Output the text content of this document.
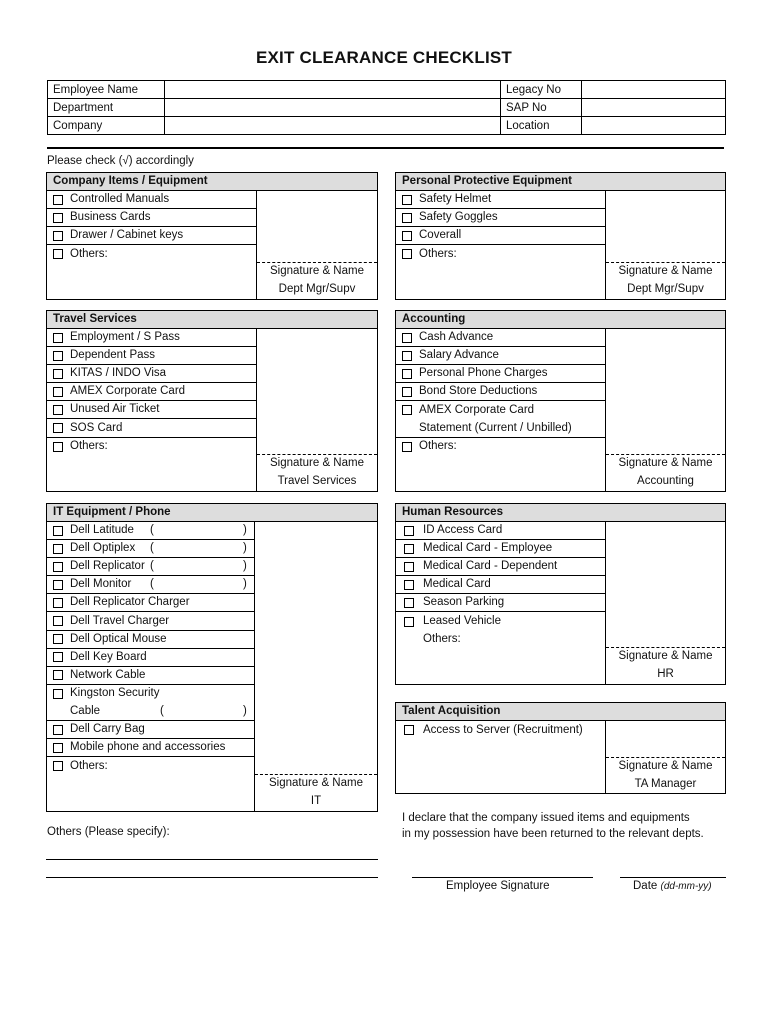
EXIT CLEARANCE CHECKLIST
Employee Name		Legacy No	
Department		SAP No	
Company		Location	
Please check (√) accordingly
Company Items / Equipment
Controlled Manuals
Business Cards
Drawer / Cabinet keys
Others:
Signature & Name
Dept Mgr/Supv
Personal Protective Equipment
Safety Helmet
Safety Goggles
Coverall
Others:
Signature & Name
Dept Mgr/Supv
Travel Services
Employment / S Pass
Dependent Pass
KITAS / INDO Visa
AMEX Corporate Card
Unused Air Ticket
SOS Card
Others:
Signature & Name
Travel Services
Accounting
Cash Advance
Salary Advance
Personal Phone Charges
Bond Store Deductions
AMEX Corporate Card
Statement (Current / Unbilled)
Others:
Signature & Name
Accounting
IT Equipment / Phone
Dell Latitude (	)
Dell Optiplex (	)
Dell Replicator (	)
Dell Monitor (	)
Dell Replicator Charger
Dell Travel Charger
Dell Optical Mouse
Dell Key Board
Network Cable
Kingston Security
Cable	(	)
Dell Carry Bag
Mobile phone and accessories
Others:
Signature & Name
IT
Human Resources
ID Access Card
Medical Card - Employee
Medical Card - Dependent
Medical Card
Season Parking
Leased Vehicle
Others:
Signature & Name
HR
Talent Acquisition
Access to Server (Recruitment)
Signature & Name
TA Manager
I declare that the company issued items and equipments
in my possession have been returned to the relevant depts.
Others (Please specify):
Employee Signature	Date (dd-mm-yy)
